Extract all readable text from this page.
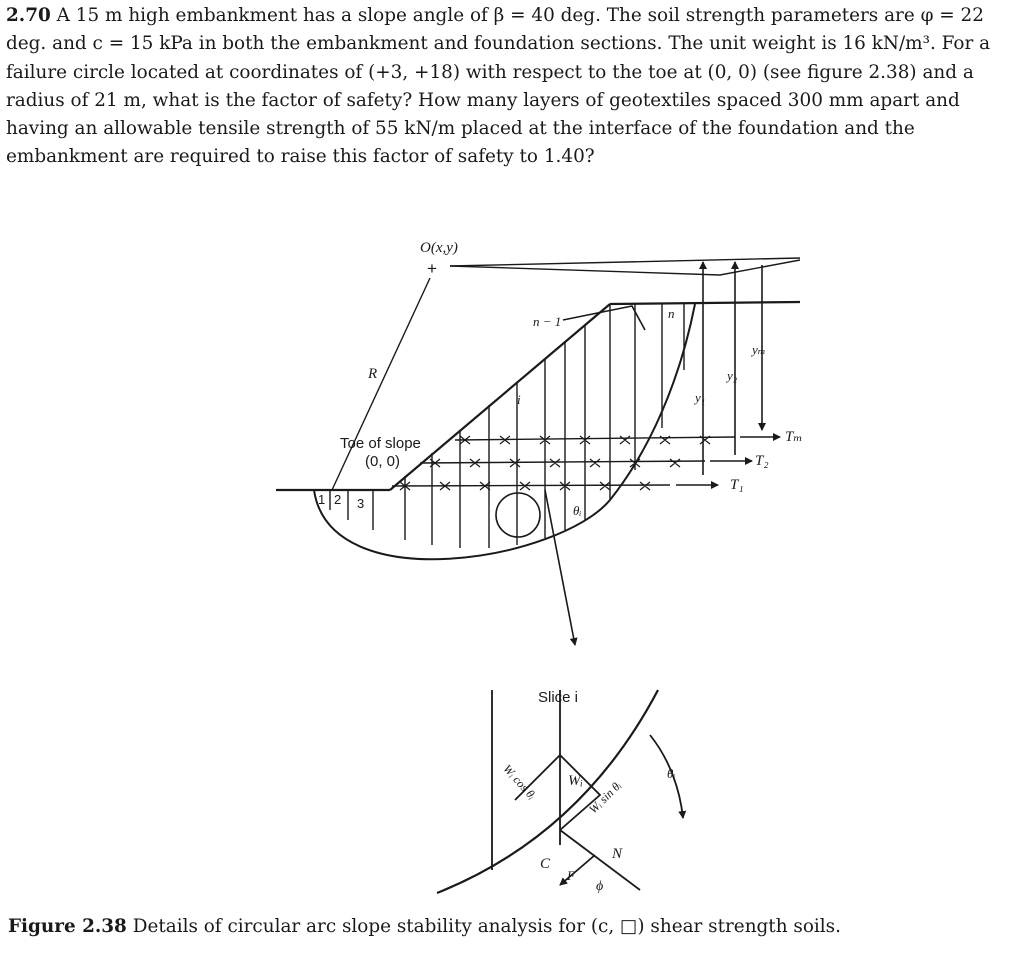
2.70 A 15 m high embankment has a slope angle of β = 40 deg. The soil strength parameters are φ = 22 deg. and c = 15 kPa in both the embankment and foundation sections. The unit weight is 16 kN/m³. For a failure circle located at coordinates of (+3, +18) with respect to the toe at (0, 0) (see figure 2.38) and a radius of 21 m, what is the factor of safety? How many layers of geotextiles spaced 300 mm apart and having an allowable tensile strength of 55 kN/m placed at the interface of the foundation and the embankment are required to raise this factor of safety to 1.40?

O(x,y)
+
R
Toe of slope
(0, 0)
n − 1
n
i
1 2 3	θᵢ
y₁
y₂
yₘ
Tₘ
T₂
T₁
Slice i
Wᵢ
Wᵢ cos θᵢ	Wᵢ sin θᵢ
θᵢ
N
C
F
ϕ

Figure 2.38 Details of circular arc slope stability analysis for (c, □) shear strength soils.
